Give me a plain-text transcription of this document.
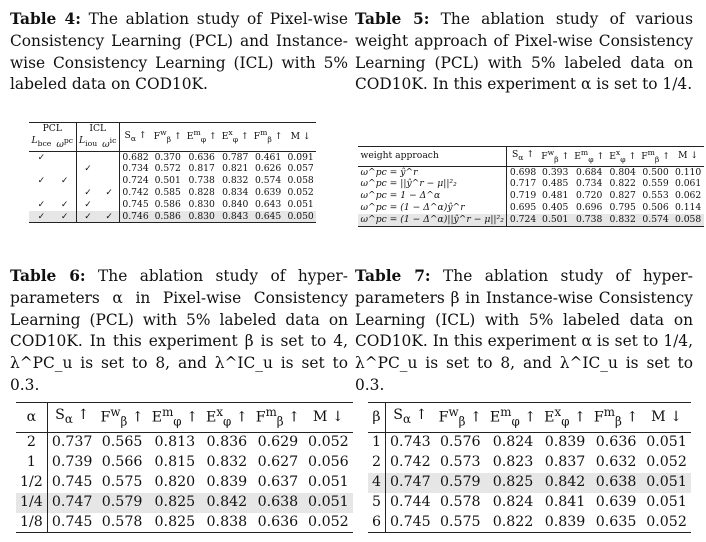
Table 4: The ablation study of Pixel-wise Consistency Learning (PCL) and Instance-wise Consistency Learning (ICL) with 5% labeled data on COD10K.

Table 5: The ablation study of various weight approach of Pixel-wise Consistency Learning (PCL) with 5% labeled data on COD10K. In this experiment α is set to 1/4.

PCL		ICL		$S_\alpha$ ↑	$F^w_\beta$ ↑	$E^m_\varphi$ ↑	$E^x_\varphi$ ↑	$F^m_\beta$ ↑	M ↓
$L_{bce}$	$\omega^{pc}$	$L_{iou}$	$\omega^{ic}$
✓				0.682	0.370	0.636	0.787	0.461	0.091
		✓		0.734	0.572	0.817	0.821	0.626	0.057
✓	✓			0.724	0.501	0.738	0.832	0.574	0.058
		✓	✓	0.742	0.585	0.828	0.834	0.639	0.052
✓	✓	✓		0.745	0.586	0.830	0.840	0.643	0.051
✓	✓	✓	✓	0.746	0.586	0.830	0.843	0.645	0.050
weight approach	$S_\alpha$ ↑	$F^w_\beta$ ↑	$E^m_\varphi$ ↑	$E^x_\varphi$ ↑	$F^m_\beta$ ↑	M ↓
ω^pc = ŷ^r	0.698	0.393	0.684	0.804	0.500	0.110
ω^pc = ||ŷ^r − μ||²₂	0.717	0.485	0.734	0.822	0.559	0.061
ω^pc = 1 − Δ^α	0.719	0.481	0.720	0.827	0.553	0.062
ω^pc = (1 − Δ^α)ŷ^r	0.695	0.405	0.696	0.795	0.506	0.114
ω^pc = (1 − Δ^α)||ŷ^r − μ||²₂	0.724	0.501	0.738	0.832	0.574	0.058

Table 6: The ablation study of hyper-parameters α in Pixel-wise Consistency Learning (PCL) with 5% labeled data on COD10K. In this experiment β is set to 4, λ^PC_u is set to 8, and λ^IC_u is set to 0.3.

Table 7: The ablation study of hyper-parameters β in Instance-wise Consistency Learning (ICL) with 5% labeled data on COD10K. In this experiment α is set to 1/4, λ^PC_u is set to 8, and λ^IC_u is set to 0.3.

α	$S_\alpha$ ↑	$F^w_\beta$ ↑	$E^m_\varphi$ ↑	$E^x_\varphi$ ↑	$F^m_\beta$ ↑	M ↓
2	0.737	0.565	0.813	0.836	0.629	0.052
1	0.739	0.566	0.815	0.832	0.627	0.056
1/2	0.745	0.575	0.820	0.839	0.637	0.051
1/4	0.747	0.579	0.825	0.842	0.638	0.051
1/8	0.745	0.578	0.825	0.838	0.636	0.052
β	$S_\alpha$ ↑	$F^w_\beta$ ↑	$E^m_\varphi$ ↑	$E^x_\varphi$ ↑	$F^m_\beta$ ↑	M ↓
1	0.743	0.576	0.824	0.839	0.636	0.051
2	0.742	0.573	0.823	0.837	0.632	0.052
4	0.747	0.579	0.825	0.842	0.638	0.051
5	0.744	0.578	0.824	0.841	0.639	0.051
6	0.745	0.575	0.822	0.839	0.635	0.052
